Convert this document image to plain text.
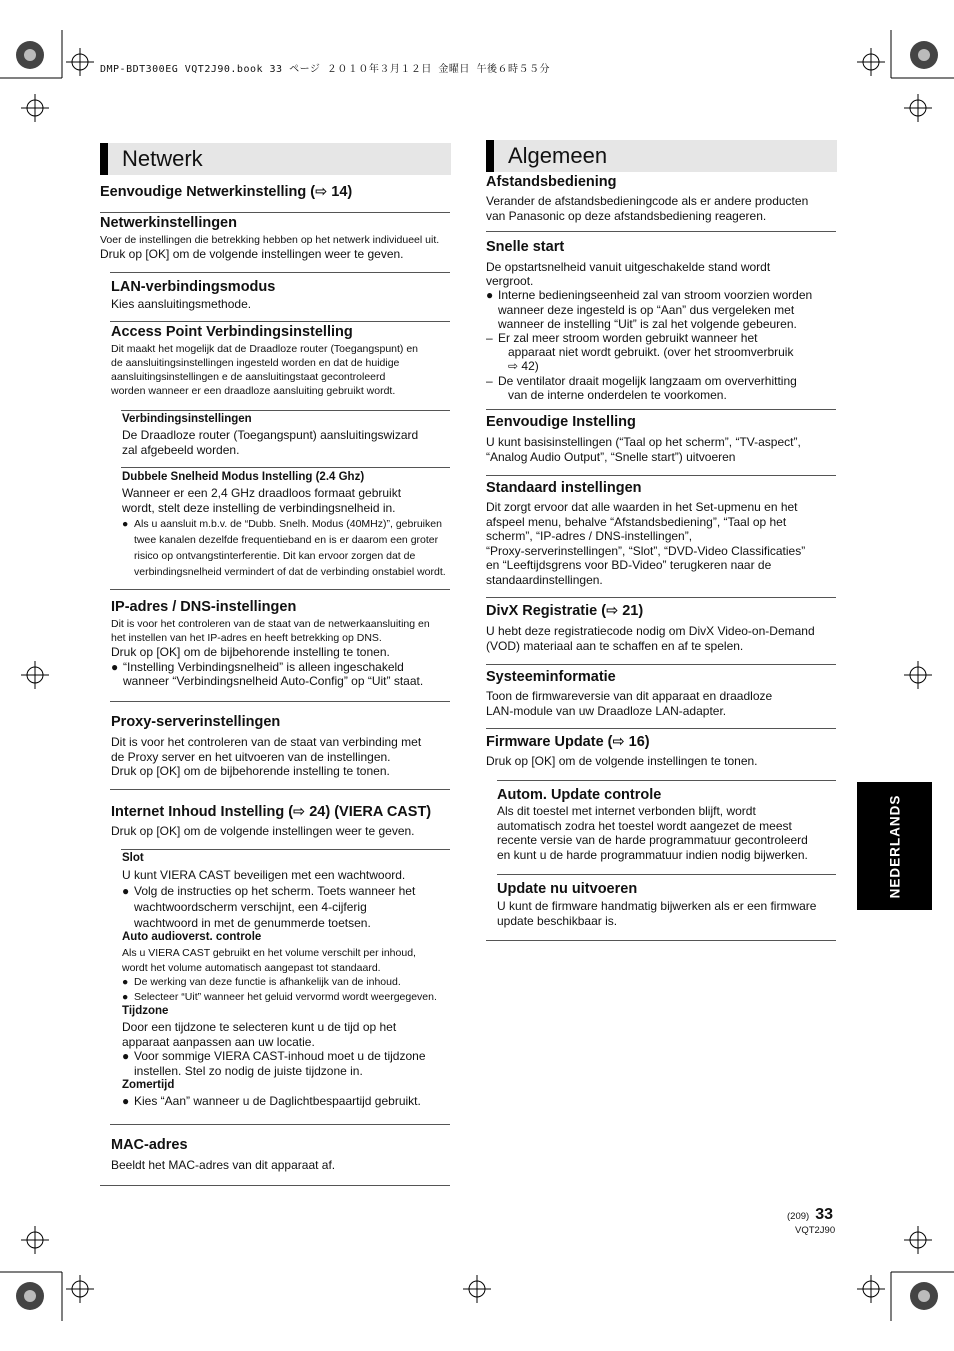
DMP-BDT300EG VQT2J90.book 33 ページ ２０１０年３月１２日 金曜日 午後６時５５分
Netwerk
Eenvoudige Netwerkinstelling (⇨ 14)
Netwerkinstellingen
Voer de instellingen die betrekking hebben op het netwerk individueel uit.
Druk op [OK] om de volgende instellingen weer te geven.
LAN-verbindingsmodus
Kies aansluitingsmethode.
Access Point Verbindingsinstelling
Dit maakt het mogelijk dat de Draadloze router (Toegangspunt) en
de aansluitingsinstellingen ingesteld worden en dat de huidige
aansluitingsinstellingen e de aansluitingstaat gecontroleerd
worden wanneer er een draadloze aansluiting gebruikt wordt.
Verbindingsinstellingen
De Draadloze router (Toegangspunt) aansluitingswizard
zal afgebeeld worden.
Dubbele Snelheid Modus Instelling (2.4 Ghz)
Wanneer er een 2,4 GHz draadloos formaat gebruikt
wordt, stelt deze instelling de verbindingsnelheid in.
● Als u aansluit m.b.v. de “Dubb. Snelh. Modus (40MHz)”, gebruiken
twee kanalen dezelfde frequentieband en is er daarom een groter
risico op ontvangstinterferentie. Dit kan ervoor zorgen dat de
verbindingsnelheid vermindert of dat de verbinding onstabiel wordt.
IP-adres / DNS-instellingen
Dit is voor het controleren van de staat van de netwerkaansluiting en
het instellen van het IP-adres en heeft betrekking op DNS.
Druk op [OK] om de bijbehorende instelling te tonen.
● “Instelling Verbindingsnelheid” is alleen ingeschakeld
wanneer “Verbindingsnelheid Auto-Config” op “Uit” staat.
Proxy-serverinstellingen
Dit is voor het controleren van de staat van verbinding met
de Proxy server en het uitvoeren van de instellingen.
Druk op [OK] om de bijbehorende instelling te tonen.
Internet Inhoud Instelling (⇨ 24) (VIERA CAST)
Druk op [OK] om de volgende instellingen weer te geven.
Slot
U kunt VIERA CAST beveiligen met een wachtwoord.
● Volg de instructies op het scherm. Toets wanneer het
wachtwoordscherm verschijnt, een 4-cijferig
wachtwoord in met de genummerde toetsen.
Auto audioverst. controle
Als u VIERA CAST gebruikt en het volume verschilt per inhoud,
wordt het volume automatisch aangepast tot standaard.
● De werking van deze functie is afhankelijk van de inhoud.
● Selecteer “Uit” wanneer het geluid vervormd wordt weergegeven.
Tijdzone
Door een tijdzone te selecteren kunt u de tijd op het
apparaat aanpassen aan uw locatie.
● Voor sommige VIERA CAST-inhoud moet u de tijdzone
instellen. Stel zo nodig de juiste tijdzone in.
Zomertijd
● Kies “Aan” wanneer u de Daglichtbespaartijd gebruikt.
MAC-adres
Beeldt het MAC-adres van dit apparaat af.
Algemeen
Afstandsbediening
Verander de afstandsbedieningcode als er andere producten
van Panasonic op deze afstandsbediening reageren.
Snelle start
De opstartsnelheid vanuit uitgeschakelde stand wordt
vergroot.
● Interne bedieningseenheid zal van stroom voorzien worden
wanneer deze ingesteld is op “Aan” dus vergeleken met
wanneer de instelling “Uit” is zal het volgende gebeuren.
– Er zal meer stroom worden gebruikt wanneer het
apparaat niet wordt gebruikt. (over het stroomverbruik
⇨ 42)
– De ventilator draait mogelijk langzaam om oververhitting
van de interne onderdelen te voorkomen.
Eenvoudige Instelling
U kunt basisinstellingen (“Taal op het scherm”, “TV-aspect”,
“Analog Audio Output”, “Snelle start”) uitvoeren
Standaard instellingen
Dit zorgt ervoor dat alle waarden in het Set-upmenu en het
afspeel menu, behalve “Afstandsbediening”, “Taal op het
scherm”, “IP-adres / DNS-instellingen”,
“Proxy-serverinstellingen”, “Slot”, “DVD-Video Classificaties”
en “Leeftijdsgrens voor BD-Video” terugkeren naar de
standaardinstellingen.
DivX Registratie (⇨ 21)
U hebt deze registratiecode nodig om DivX Video-on-Demand
(VOD) materiaal aan te schaffen en af te spelen.
Systeeminformatie
Toon de firmwareversie van dit apparaat en draadloze
LAN-module van uw Draadloze LAN-adapter.
Firmware Update (⇨ 16)
Druk op [OK] om de volgende instellingen te tonen.
Autom. Update controle
Als dit toestel met internet verbonden blijft, wordt
automatisch zodra het toestel wordt aangezet de meest
recente versie van de harde programmatuur gecontroleerd
en kunt u de harde programmatuur indien nodig bijwerken.
Update nu uitvoeren
U kunt de firmware handmatig bijwerken als er een firmware
update beschikbaar is.
NEDERLANDS
(209) 33
VQT2J90
